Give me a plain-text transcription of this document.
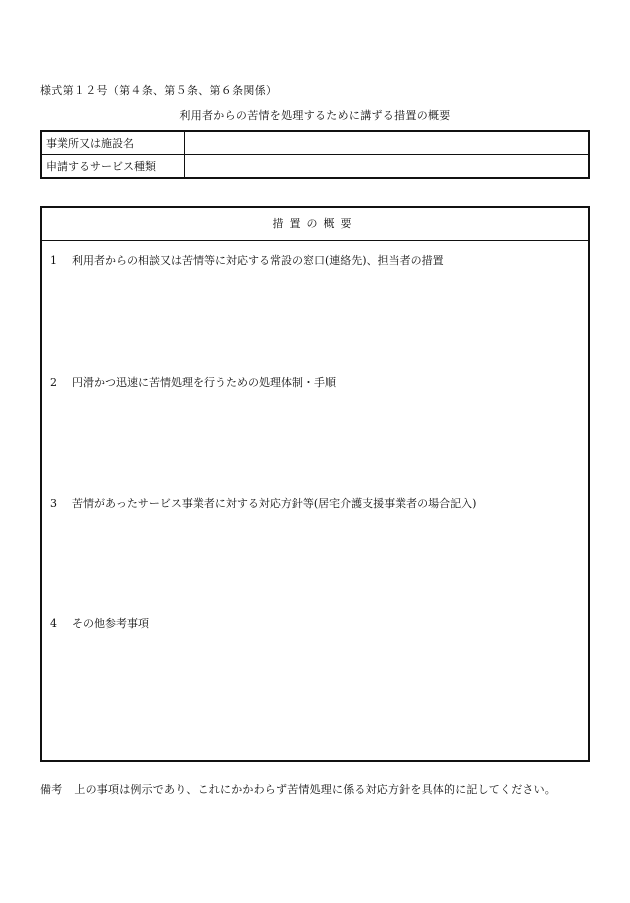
様式第１２号（第４条、第５条、第６条関係）
利用者からの苦情を処理するために講ずる措置の概要
事業所又は施設名	
申請するサービス種類	
措置の概要
1 利用者からの相談又は苦情等に対応する常設の窓口(連絡先)、担当者の措置
2 円滑かつ迅速に苦情処理を行うための処理体制・手順
3 苦情があったサービス事業者に対する対応方針等(居宅介護支援事業者の場合記入)
4 その他参考事項
備考 上の事項は例示であり、これにかかわらず苦情処理に係る対応方針を具体的に記してください。
